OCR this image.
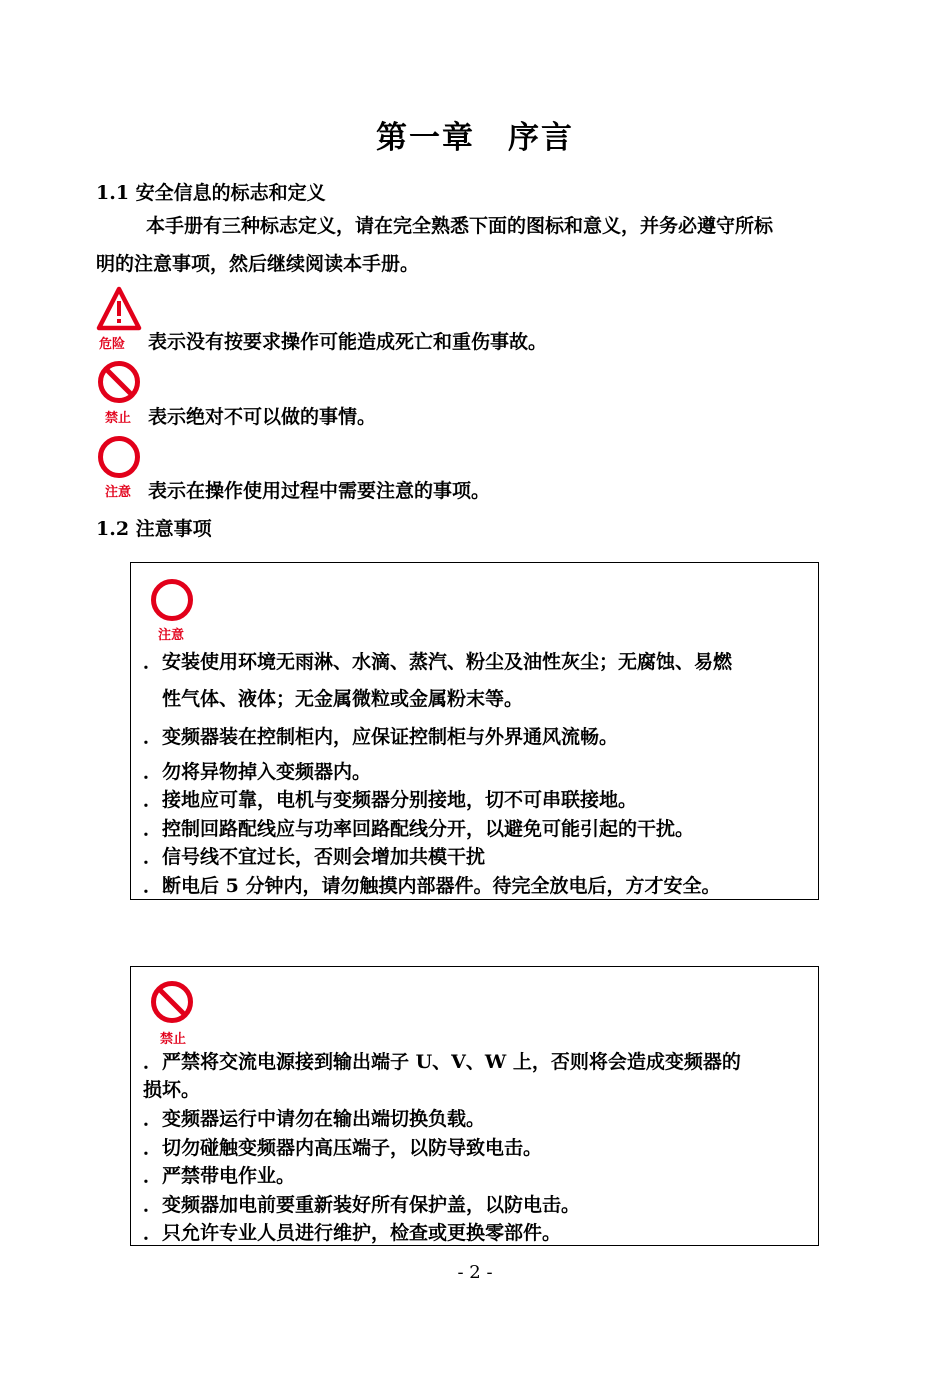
第一章　序言
1.1 安全信息的标志和定义
本手册有三种标志定义，请在完全熟悉下面的图标和意义，并务必遵守所标
明的注意事项，然后继续阅读本手册。
危险 表示没有按要求操作可能造成死亡和重伤事故。
禁止 表示绝对不可以做的事情。
注意 表示在操作使用过程中需要注意的事项。
1.2 注意事项
注意
．安装使用环境无雨淋、水滴、蒸汽、粉尘及油性灰尘；无腐蚀、易燃
性气体、液体；无金属微粒或金属粉末等。
．变频器装在控制柜内，应保证控制柜与外界通风流畅。
．勿将异物掉入变频器内。
．接地应可靠，电机与变频器分别接地，切不可串联接地。
．控制回路配线应与功率回路配线分开，以避免可能引起的干扰。
．信号线不宜过长，否则会增加共模干扰
．断电后 5 分钟内，请勿触摸内部器件。待完全放电后，方才安全。
禁止
．严禁将交流电源接到输出端子 U、V、W 上，否则将会造成变频器的
损坏。
．变频器运行中请勿在输出端切换负载。
．切勿碰触变频器内高压端子，以防导致电击。
．严禁带电作业。
．变频器加电前要重新装好所有保护盖，以防电击。
．只允许专业人员进行维护，检查或更换零部件。
- 2 -
